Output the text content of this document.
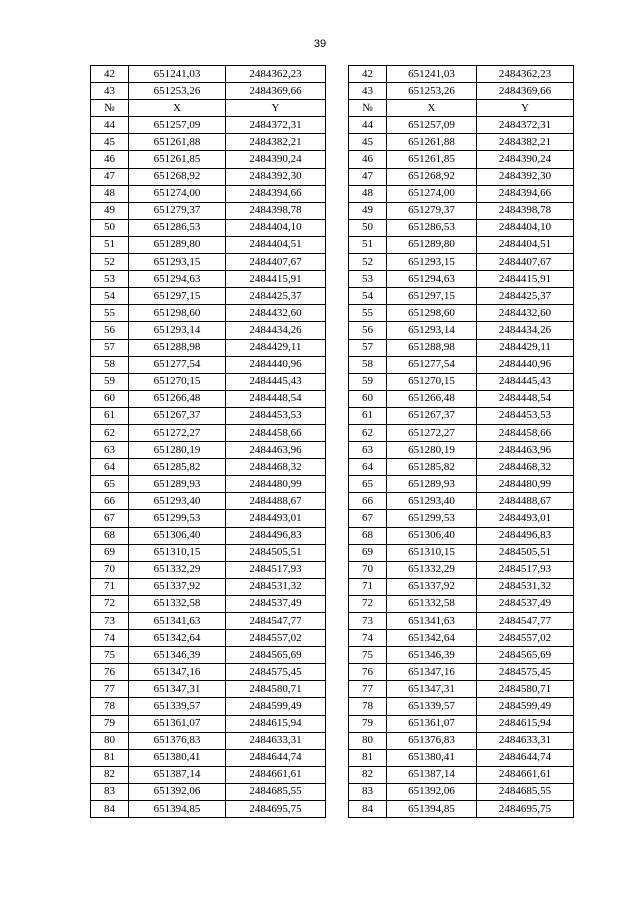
39
42	651241,03	2484362,23		42	651241,03	2484362,23
43	651253,26	2484369,66		43	651253,26	2484369,66
№	X	Y		№	X	Y
44	651257,09	2484372,31		44	651257,09	2484372,31
45	651261,88	2484382,21		45	651261,88	2484382,21
46	651261,85	2484390,24		46	651261,85	2484390,24
47	651268,92	2484392,30		47	651268,92	2484392,30
48	651274,00	2484394,66		48	651274,00	2484394,66
49	651279,37	2484398,78		49	651279,37	2484398,78
50	651286,53	2484404,10		50	651286,53	2484404,10
51	651289,80	2484404,51		51	651289,80	2484404,51
52	651293,15	2484407,67		52	651293,15	2484407,67
53	651294,63	2484415,91		53	651294,63	2484415,91
54	651297,15	2484425,37		54	651297,15	2484425,37
55	651298,60	2484432,60		55	651298,60	2484432,60
56	651293,14	2484434,26		56	651293,14	2484434,26
57	651288,98	2484429,11		57	651288,98	2484429,11
58	651277,54	2484440,96		58	651277,54	2484440,96
59	651270,15	2484445,43		59	651270,15	2484445,43
60	651266,48	2484448,54		60	651266,48	2484448,54
61	651267,37	2484453,53		61	651267,37	2484453,53
62	651272,27	2484458,66		62	651272,27	2484458,66
63	651280,19	2484463,96		63	651280,19	2484463,96
64	651285,82	2484468,32		64	651285,82	2484468,32
65	651289,93	2484480,99		65	651289,93	2484480,99
66	651293,40	2484488,67		66	651293,40	2484488,67
67	651299,53	2484493,01		67	651299,53	2484493,01
68	651306,40	2484496,83		68	651306,40	2484496,83
69	651310,15	2484505,51		69	651310,15	2484505,51
70	651332,29	2484517,93		70	651332,29	2484517,93
71	651337,92	2484531,32		71	651337,92	2484531,32
72	651332,58	2484537,49		72	651332,58	2484537,49
73	651341,63	2484547,77		73	651341,63	2484547,77
74	651342,64	2484557,02		74	651342,64	2484557,02
75	651346,39	2484565,69		75	651346,39	2484565,69
76	651347,16	2484575,45		76	651347,16	2484575,45
77	651347,31	2484580,71		77	651347,31	2484580,71
78	651339,57	2484599,49		78	651339,57	2484599,49
79	651361,07	2484615,94		79	651361,07	2484615,94
80	651376,83	2484633,31		80	651376,83	2484633,31
81	651380,41	2484644,74		81	651380,41	2484644,74
82	651387,14	2484661,61		82	651387,14	2484661,61
83	651392,06	2484685,55		83	651392,06	2484685,55
84	651394,85	2484695,75		84	651394,85	2484695,75
